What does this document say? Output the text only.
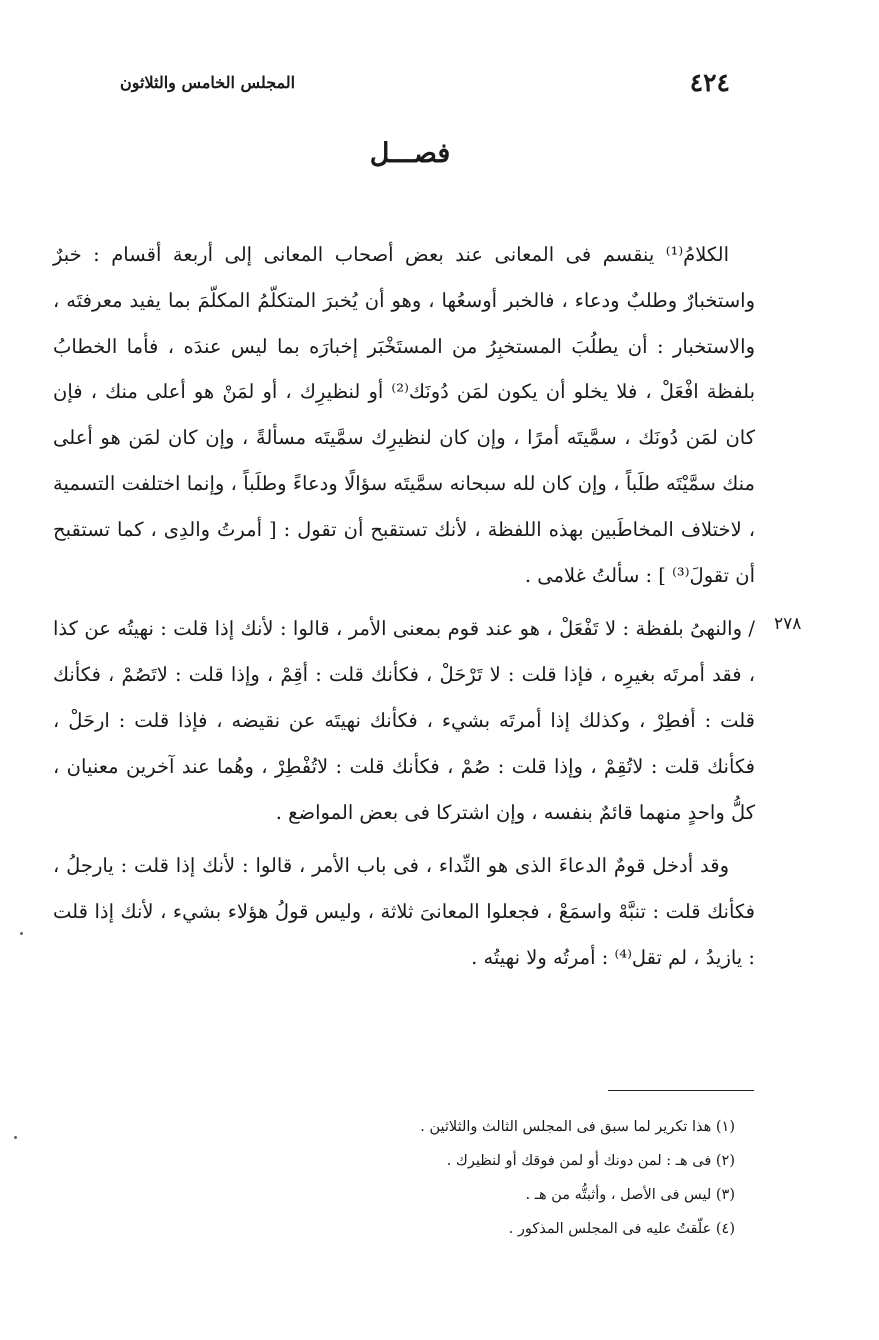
٤٢٤
المجلس الخامس والثلاثون
فصـــل
٢٧٨

الكلامُ⁽¹⁾ ينقسم فى المعانى عند بعض أصحاب المعانى إلى أربعة أقسام : خبرٌ واستخبارٌ وطلبٌ ودعاء ، فالخبر أوسعُها ، وهو أن يُخبرَ المتكلّمُ المكلّمَ بما يفيد معرفتَه ، والاستخبار : أن يطلُبَ المستخبِرُ من المستَخْبَر إخبارَه بما ليس عندَه ، فأما الخطابُ بلفظة افْعَلْ ، فلا يخلو أن يكون لمَن دُونَك⁽²⁾ أو لنظيرِك ، أو لمَنْ هو أعلى منك ، فإن كان لمَن دُونَك ، سمَّيتَه أمرًا ، وإن كان لنظيرِك سمَّيتَه مسألةً ، وإن كان لمَن هو أعلى منك سمَّيْتَه طلَباً ، وإن كان لله سبحانه سمَّيتَه سؤالًا ودعاءً وطلَباً ، وإنما اختلفت التسمية ، لاختلاف المخاطَبين بهذه اللفظة ، لأنك تستقبح أن تقول : [ أمرتُ والدِى ، كما تستقبح أن تقولَ⁽³⁾ ] : سألتُ غلامى .

/ والنهىُ بلفظة : لا تَفْعَلْ ، هو عند قوم بمعنى الأمر ، قالوا : لأنك إذا قلت : نهيتُه عن كذا ، فقد أمرتَه بغيرِه ، فإذا قلت : لا تَرْحَلْ ، فكأنك قلت : أقِمْ ، وإذا قلت : لاتَصُمْ ، فكأنك قلت : أفطِرْ ، وكذلك إذا أمرتَه بشيء ، فكأنك نهيتَه عن نقيضه ، فإذا قلت : ارحَلْ ، فكأنك قلت : لاتُقِمْ ، وإذا قلت : صُمْ ، فكأنك قلت : لاتُفْطِرْ ، وهُما عند آخرين معنيان ، كلُّ واحدٍ منهما قائمٌ بنفسه ، وإن اشتركا فى بعض المواضع .

وقد أدخل قومٌ الدعاءَ الذى هو النِّداء ، فى باب الأمر ، قالوا : لأنك إذا قلت : يارجلُ ، فكأنك قلت : تنبَّهْ واسمَعْ ، فجعلوا المعانىَ ثلاثة ، وليس قولُ هؤلاء بشيء ، لأنك إذا قلت : يازيدُ ، لم تقل⁽⁴⁾ : أمرتُه ولا نهيتُه .

(١) هذا تكرير لما سبق فى المجلس الثالث والثلاثين .
(٢) فى هـ : لمن دونك أو لمن فوقك أو لنظيرك .
(٣) ليس فى الأصل ، وأثبتُّه من هـ .
(٤) علّقتُ عليه فى المجلس المذكور .
